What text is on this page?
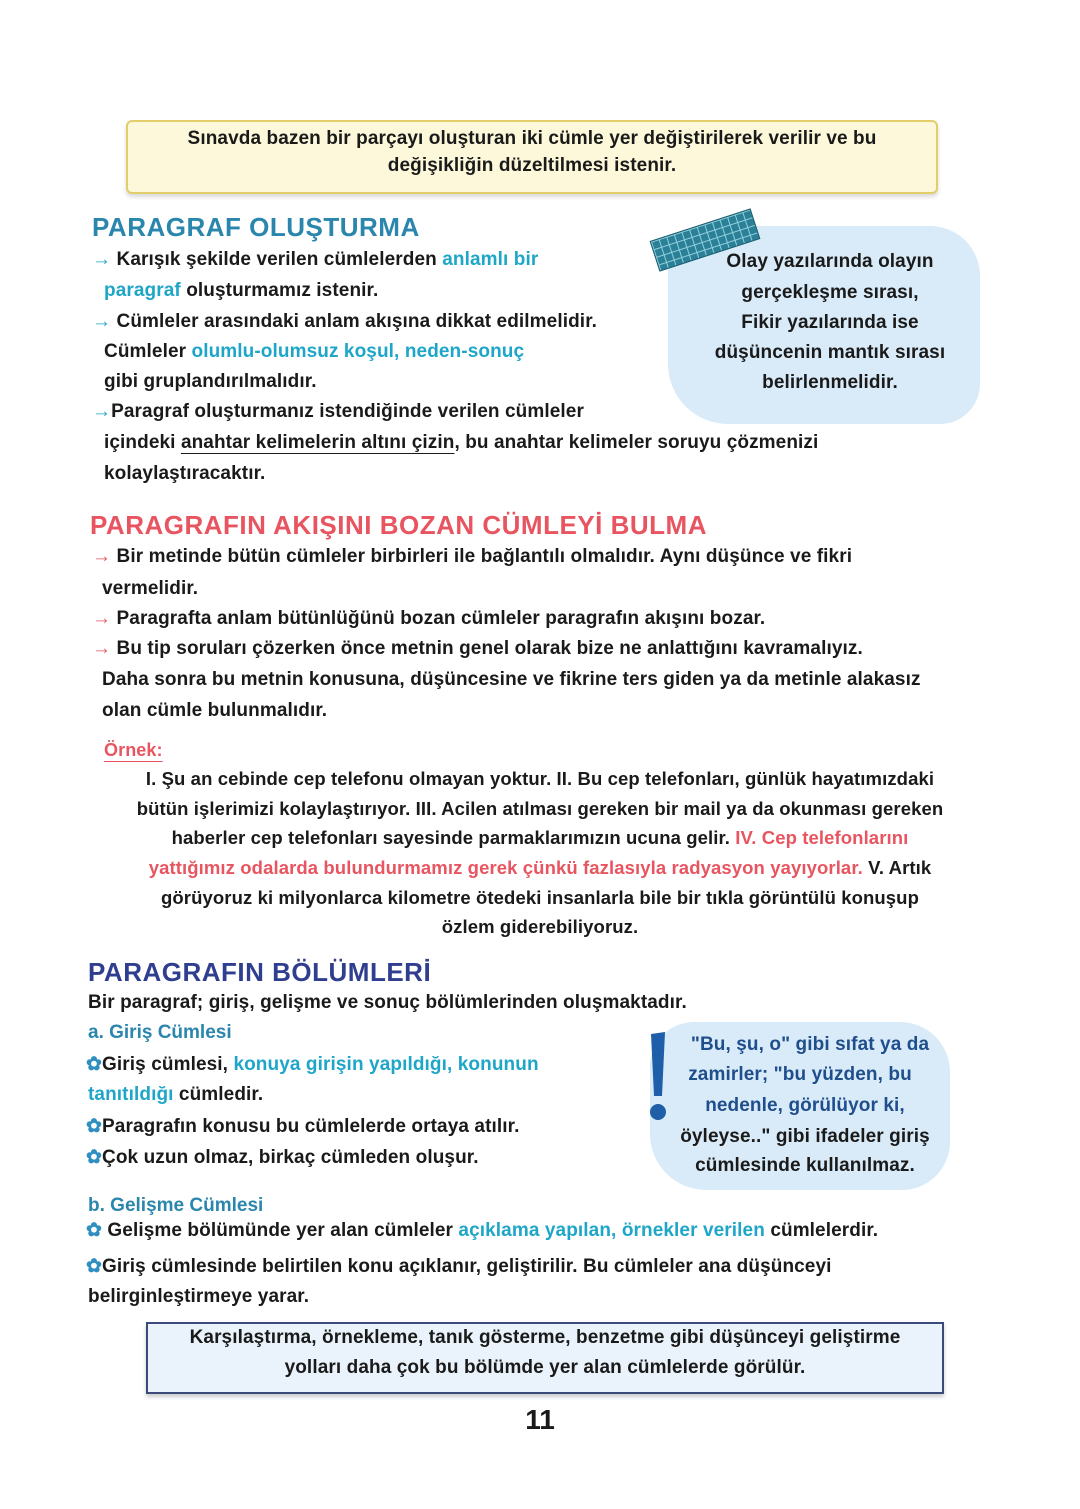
Sınavda bazen bir parçayı oluşturan iki cümle yer değiştirilerek verilir ve bu
değişikliğin düzeltilmesi istenir.
PARAGRAF OLUŞTURMA
Olay yazılarında olayın
gerçekleşme sırası,
Fikir yazılarında ise
düşüncenin mantık sırası
belirlenmelidir.
→ Karışık şekilde verilen cümlelerden anlamlı bir
paragraf oluşturmamız istenir.
→ Cümleler arasındaki anlam akışına dikkat edilmelidir.
Cümleler olumlu-olumsuz koşul, neden-sonuç
gibi gruplandırılmalıdır.
→Paragraf oluşturmanız istendiğinde verilen cümleler
içindeki anahtar kelimelerin altını çizin, bu anahtar kelimeler soruyu çözmenizi
kolaylaştıracaktır.
PARAGRAFIN AKIŞINI BOZAN CÜMLEYİ BULMA
→ Bir metinde bütün cümleler birbirleri ile bağlantılı olmalıdır. Aynı düşünce ve fikri
vermelidir.
→ Paragrafta anlam bütünlüğünü bozan cümleler paragrafın akışını bozar.
→ Bu tip soruları çözerken önce metnin genel olarak bize ne anlattığını kavramalıyız.
Daha sonra bu metnin konusuna, düşüncesine ve fikrine ters giden ya da metinle alakasız
olan cümle bulunmalıdır.
Örnek:
I. Şu an cebinde cep telefonu olmayan yoktur. II. Bu cep telefonları, günlük hayatımızdaki
bütün işlerimizi kolaylaştırıyor. III. Acilen atılması gereken bir mail ya da okunması gereken
haberler cep telefonları sayesinde parmaklarımızın ucuna gelir. IV. Cep telefonlarını
yattığımız odalarda bulundurmamız gerek çünkü fazlasıyla radyasyon yayıyorlar. V. Artık
görüyoruz ki milyonlarca kilometre ötedeki insanlarla bile bir tıkla görüntülü konuşup
özlem giderebiliyoruz.
PARAGRAFIN BÖLÜMLERİ
Bir paragraf; giriş, gelişme ve sonuç bölümlerinden oluşmaktadır.
a. Giriş Cümlesi
✿Giriş cümlesi, konuya girişin yapıldığı, konunun
tanıtıldığı cümledir.
✿Paragrafın konusu bu cümlelerde ortaya atılır.
✿Çok uzun olmaz, birkaç cümleden oluşur.
"Bu, şu, o" gibi sıfat ya da
zamirler; "bu yüzden, bu
nedenle, görülüyor ki,
öyleyse.." gibi ifadeler giriş
cümlesinde kullanılmaz.
b. Gelişme Cümlesi
✿ Gelişme bölümünde yer alan cümleler açıklama yapılan, örnekler verilen cümlelerdir.
✿Giriş cümlesinde belirtilen konu açıklanır, geliştirilir. Bu cümleler ana düşünceyi
belirginleştirmeye yarar.
Karşılaştırma, örnekleme, tanık gösterme, benzetme gibi düşünceyi geliştirme
yolları daha çok bu bölümde yer alan cümlelerde görülür.
11
